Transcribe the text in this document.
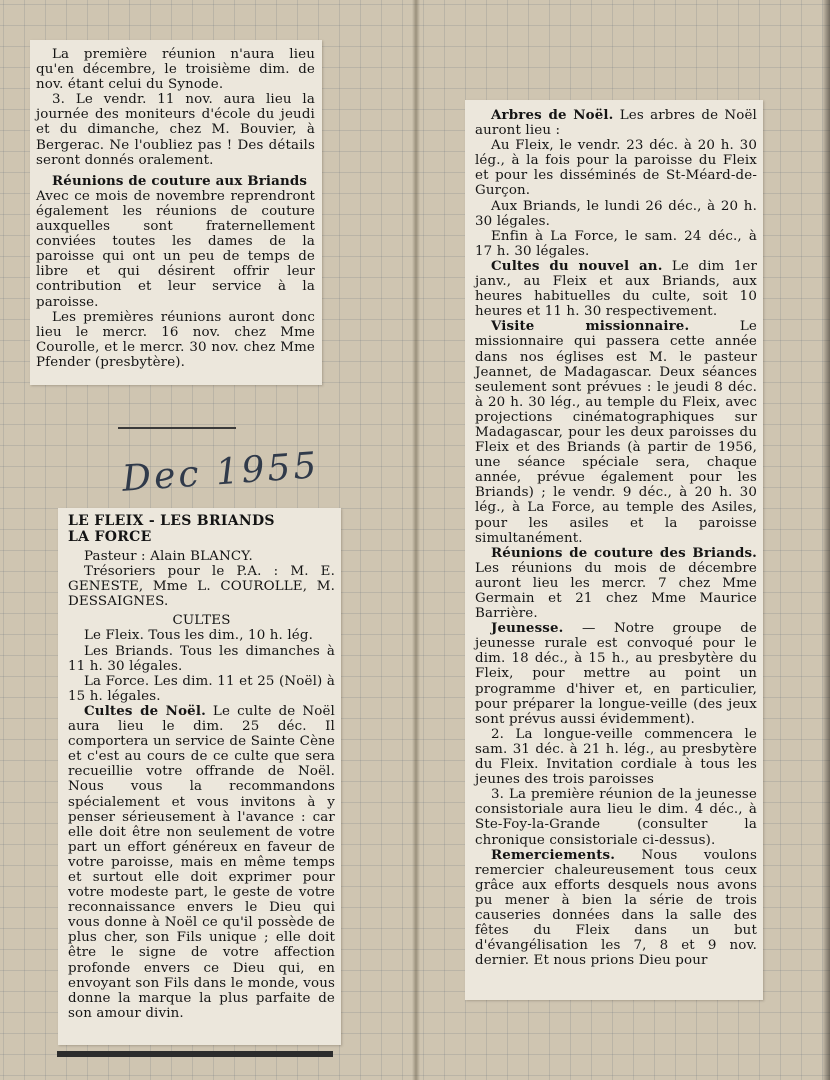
La première réunion n'aura lieu qu'en décembre, le troisième dim. de nov. étant celui du Synode.

3. Le vendr. 11 nov. aura lieu la journée des moniteurs d'école du jeudi et du dimanche, chez M. Bouvier, à Bergerac. Ne l'oubliez pas ! Des détails seront donnés oralement.

Réunions de couture aux Briands

Avec ce mois de novembre reprendront également les réunions de couture auxquelles sont fraternellement conviées toutes les dames de la paroisse qui ont un peu de temps de libre et qui désirent offrir leur contribution et leur service à la paroisse.

Les premières réunions auront donc lieu le mercr. 16 nov. chez Mme Courolle, et le mercr. 30 nov. chez Mme Pfender (presbytère).

Dec 1955

LE FLEIX - LES BRIANDS

LA FORCE

Pasteur : Alain BLANCY.

Trésoriers pour le P.A. : M. E. GENESTE, Mme L. COUROLLE, M. DESSAIGNES.

CULTES

Le Fleix. Tous les dim., 10 h. lég.

Les Briands. Tous les dimanches à 11 h. 30 légales.

La Force. Les dim. 11 et 25 (Noël) à 15 h. légales.

Cultes de Noël. Le culte de Noël aura lieu le dim. 25 déc. Il comportera un service de Sainte Cène et c'est au cours de ce culte que sera recueillie votre offrande de Noël. Nous vous la recommandons spécialement et vous invitons à y penser sérieusement à l'avance : car elle doit être non seulement de votre part un effort généreux en faveur de votre paroisse, mais en même temps et surtout elle doit exprimer pour votre modeste part, le geste de votre reconnaissance envers le Dieu qui vous donne à Noël ce qu'il possède de plus cher, son Fils unique ; elle doit être le signe de votre affection profonde envers ce Dieu qui, en envoyant son Fils dans le monde, vous donne la marque la plus parfaite de son amour divin.

Arbres de Noël. Les arbres de Noël auront lieu :

Au Fleix, le vendr. 23 déc. à 20 h. 30 lég., à la fois pour la paroisse du Fleix et pour les disséminés de St-Méard-de-Gurçon.

Aux Briands, le lundi 26 déc., à 20 h. 30 légales.

Enfin à La Force, le sam. 24 déc., à 17 h. 30 légales.

Cultes du nouvel an. Le dim 1er janv., au Fleix et aux Briands, aux heures habituelles du culte, soit 10 heures et 11 h. 30 respectivement.

Visite missionnaire.	Le missionnaire qui passera cette année dans nos églises est M. le pasteur Jeannet, de Madagascar. Deux séances seulement sont prévues : le jeudi 8 déc. à 20 h. 30 lég., au temple du Fleix, avec projections cinématographiques sur Madagascar, pour les deux paroisses du Fleix et des Briands (à partir de 1956, une séance spéciale sera, chaque année, prévue également pour les Briands) ; le vendr. 9 déc., à 20 h. 30 lég., à La Force, au temple des Asiles, pour les asiles et la paroisse simultanément.

Réunions de couture des Briands. Les réunions du mois de décembre auront lieu les mercr. 7 chez Mme Germain et 21 chez Mme Maurice Barrière.

Jeunesse. — Notre groupe de jeunesse rurale est convoqué pour le dim. 18 déc., à 15 h., au presbytère du Fleix, pour mettre au point un programme d'hiver et, en particulier, pour préparer la longue-veille (des jeux sont prévus aussi évidemment).

2. La longue-veille commencera le sam. 31 déc. à 21 h. lég., au presbytère du Fleix. Invitation cordiale à tous les jeunes des trois paroisses

3. La première réunion de la jeunesse consistoriale aura lieu le dim. 4 déc., à Ste-Foy-la-Grande (consulter la chronique consistoriale ci-dessus).

Remerciements. Nous voulons remercier chaleureusement tous ceux grâce aux efforts desquels nous avons pu mener à bien la série de trois causeries données dans la salle des fêtes du Fleix dans un but d'évangélisation les 7, 8 et 9 nov. dernier. Et nous prions Dieu pour
